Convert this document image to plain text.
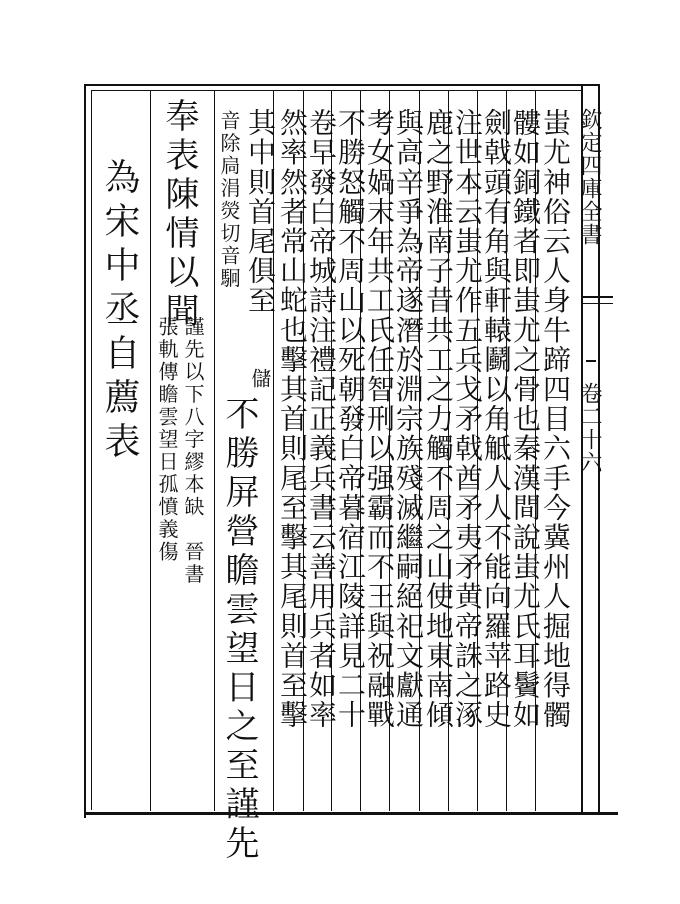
欽定四庫全書
卷二十六
蚩尤神俗云人身牛蹄四目六手今冀州人掘地得髑
髏如銅鐵者即蚩尤之骨也秦漢間說蚩尤氏耳鬢如
劍戟頭有角與軒轅鬬以角觝人人不能向羅苹路史
注世本云蚩尤作五兵戈矛戟酋矛夷矛黄帝誅之涿
鹿之野淮南子昔共工之力觸不周之山使地東南傾
與高辛爭為帝遂潛於淵宗族殘滅繼嗣絕祀文獻通
考女媧末年共工氏任智刑以强霸而不王與祝融戰
不勝怒觸不周山以死朝發白帝暮宿江陵詳見二十
卷早發白帝城詩注禮記正義兵書云善用兵者如率
然率然者常山蛇也擊其首則尾至擊其尾則首至擊
其中則首尾俱至
音除扃涓熒切音駉
儲
不勝屏營瞻雲望日之至謹先
奉表陳情以聞
謹先以下八字繆本缺　晉書
張軌傳瞻雲望日孤憤義傷
為宋中丞自薦表
